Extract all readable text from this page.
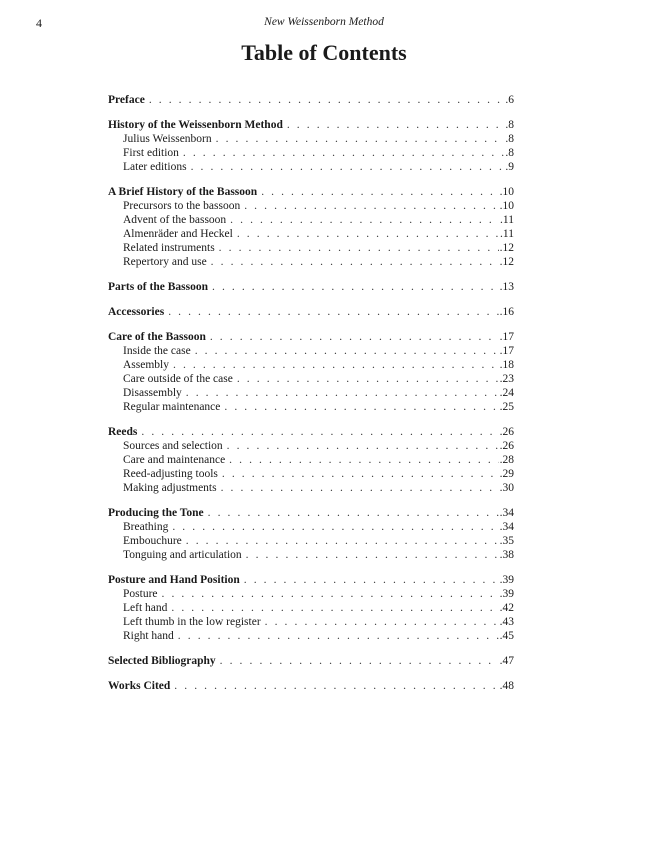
4	New Weissenborn Method
Table of Contents
Preface . . .	.6
History of the Weissenborn Method . . .	.8
Julius Weissenborn . . .	.8
First edition . . .	.8
Later editions . . .	.9
A Brief History of the Bassoon . . .	.10
Precursors to the bassoon . . .	.10
Advent of the bassoon . . .	.11
Almenräder and Heckel . . .	.11
Related instruments . . .	.12
Repertory and use . . .	.12
Parts of the Bassoon . . .	.13
Accessories . . .	.16
Care of the Bassoon . . .	.17
Inside the case . . .	.17
Assembly . . .	.18
Care outside of the case . . .	.23
Disassembly . . .	.24
Regular maintenance . . .	.25
Reeds . . .	.26
Sources and selection . . .	.26
Care and maintenance . . .	.28
Reed-adjusting tools . . .	.29
Making adjustments . . .	.30
Producing the Tone . . .	.34
Breathing . . .	.34
Embouchure . . .	.35
Tonguing and articulation . . .	.38
Posture and Hand Position . . .	.39
Posture . . .	.39
Left hand . . .	.42
Left thumb in the low register . . .	.43
Right hand . . .	.45
Selected Bibliography . . .	.47
Works Cited . . .	.48
